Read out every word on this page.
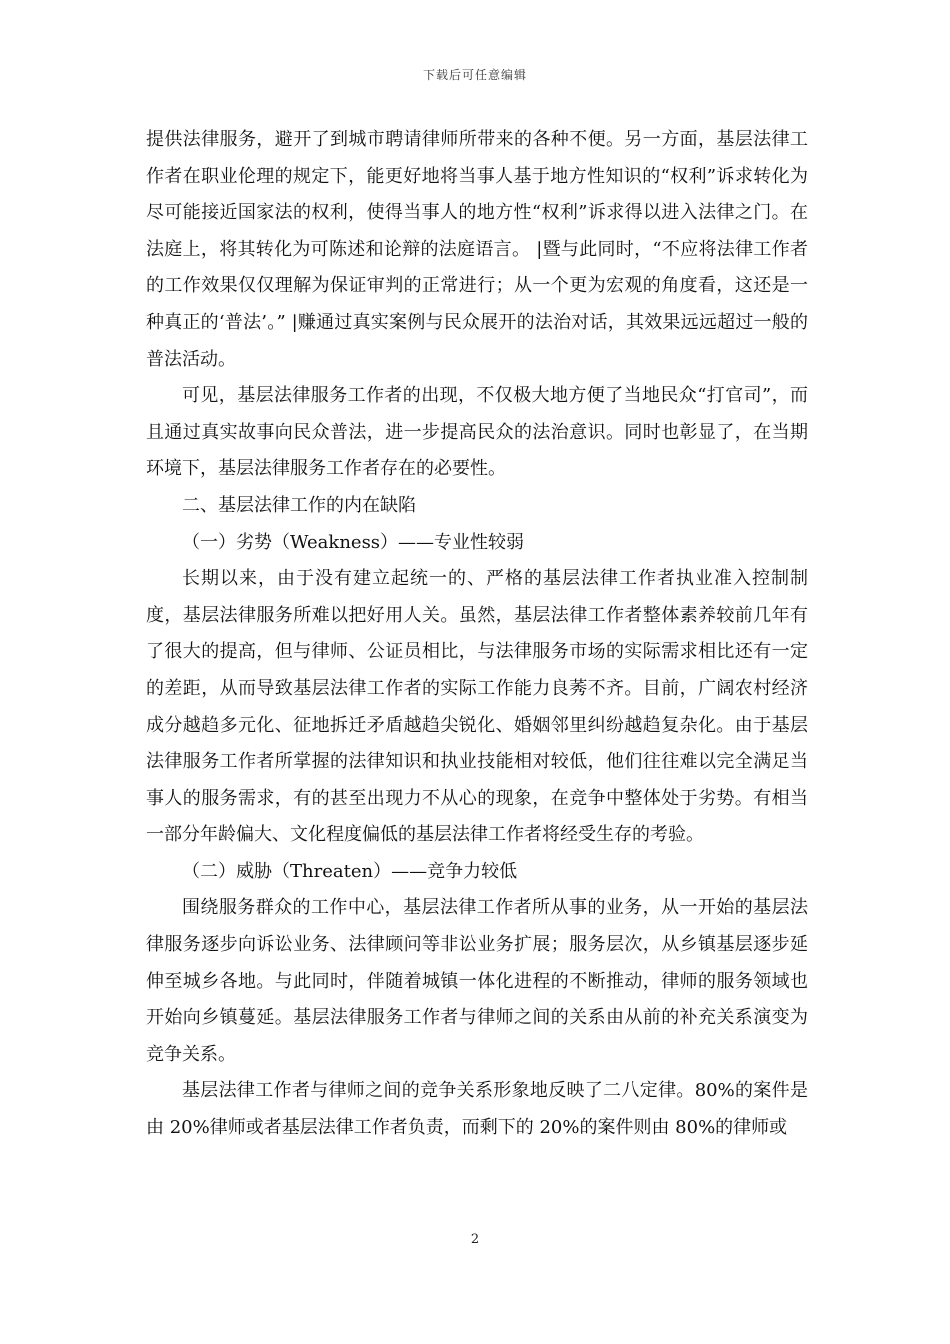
下载后可任意编辑

提供法律服务，避开了到城市聘请律师所带来的各种不便。另一方面，基层法律工作者在职业伦理的规定下，能更好地将当事人基于地方性知识的“权利”诉求转化为尽可能接近国家法的权利，使得当事人的地方性“权利”诉求得以进入法律之门。在法庭上，将其转化为可陈述和论辩的法庭语言。 |暨与此同时，“不应将法律工作者的工作效果仅仅理解为保证审判的正常进行；从一个更为宏观的角度看，这还是一种真正的‘普法’。” |赚通过真实案例与民众展开的法治对话，其效果远远超过一般的普法活动。

可见，基层法律服务工作者的出现，不仅极大地方便了当地民众“打官司”，而且通过真实故事向民众普法，进一步提高民众的法治意识。同时也彰显了，在当期环境下，基层法律服务工作者存在的必要性。

二、基层法律工作的内在缺陷

（一）劣势（Weakness）——专业性较弱

长期以来，由于没有建立起统一的、严格的基层法律工作者执业准入控制制度，基层法律服务所难以把好用人关。虽然，基层法律工作者整体素养较前几年有了很大的提高，但与律师、公证员相比，与法律服务市场的实际需求相比还有一定的差距，从而导致基层法律工作者的实际工作能力良莠不齐。目前，广阔农村经济成分越趋多元化、征地拆迁矛盾越趋尖锐化、婚姻邻里纠纷越趋复杂化。由于基层法律服务工作者所掌握的法律知识和执业技能相对较低，他们往往难以完全满足当事人的服务需求，有的甚至出现力不从心的现象，在竞争中整体处于劣势。有相当一部分年龄偏大、文化程度偏低的基层法律工作者将经受生存的考验。

（二）威胁（Threaten）——竞争力较低

围绕服务群众的工作中心，基层法律工作者所从事的业务，从一开始的基层法律服务逐步向诉讼业务、法律顾问等非讼业务扩展；服务层次，从乡镇基层逐步延伸至城乡各地。与此同时，伴随着城镇一体化进程的不断推动，律师的服务领域也开始向乡镇蔓延。基层法律服务工作者与律师之间的关系由从前的补充关系演变为竞争关系。

基层法律工作者与律师之间的竞争关系形象地反映了二八定律。80%的案件是由 20%律师或者基层法律工作者负责，而剩下的 20%的案件则由 80%的律师或

2
